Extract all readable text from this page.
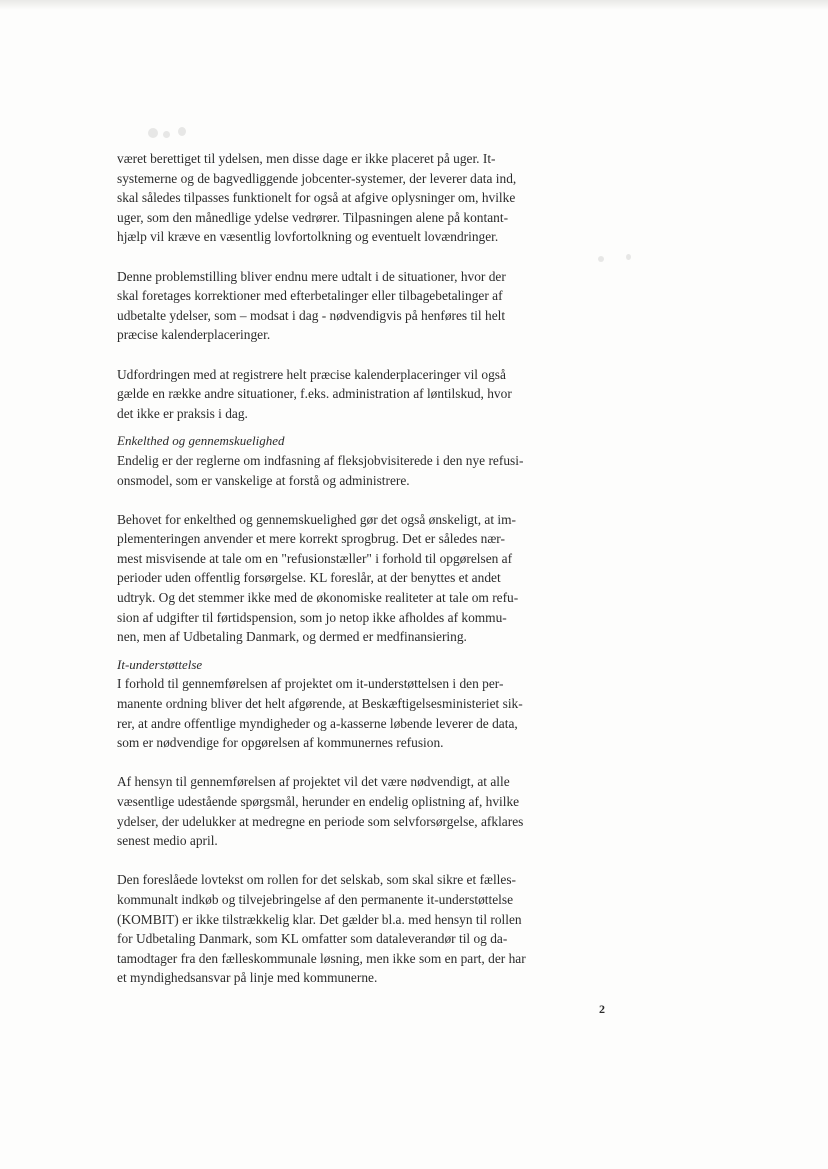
været berettiget til ydelsen, men disse dage er ikke placeret på uger. It-
systemerne og de bagvedliggende jobcenter-systemer, der leverer data ind,
skal således tilpasses funktionelt for også at afgive oplysninger om, hvilke
uger, som den månedlige ydelse vedrører. Tilpasningen alene på kontant-
hjælp vil kræve en væsentlig lovfortolkning og eventuelt lovændringer.

Denne problemstilling bliver endnu mere udtalt i de situationer, hvor der
skal foretages korrektioner med efterbetalinger eller tilbagebetalinger af
udbetalte ydelser, som – modsat i dag - nødvendigvis på henføres til helt
præcise kalenderplaceringer.

Udfordringen med at registrere helt præcise kalenderplaceringer vil også
gælde en række andre situationer, f.eks. administration af løntilskud, hvor
det ikke er praksis i dag.

Enkelthed og gennemskuelighed
Endelig er der reglerne om indfasning af fleksjobvisiterede i den nye refusi-
onsmodel, som er vanskelige at forstå og administrere.

Behovet for enkelthed og gennemskuelighed gør det også ønskeligt, at im-
plementeringen anvender et mere korrekt sprogbrug. Det er således nær-
mest misvisende at tale om en "refusionstæller" i forhold til opgørelsen af
perioder uden offentlig forsørgelse. KL foreslår, at der benyttes et andet
udtryk. Og det stemmer ikke med de økonomiske realiteter at tale om refu-
sion af udgifter til førtidspension, som jo netop ikke afholdes af kommu-
nen, men af Udbetaling Danmark, og dermed er medfinansiering.

It-understøttelse
I forhold til gennemførelsen af projektet om it-understøttelsen i den per-
manente ordning bliver det helt afgørende, at Beskæftigelsesministeriet sik-
rer, at andre offentlige myndigheder og a-kasserne løbende leverer de data,
som er nødvendige for opgørelsen af kommunernes refusion.

Af hensyn til gennemførelsen af projektet vil det være nødvendigt, at alle
væsentlige udestående spørgsmål, herunder en endelig oplistning af, hvilke
ydelser, der udelukker at medregne en periode som selvforsørgelse, afklares
senest medio april.

Den foreslåede lovtekst om rollen for det selskab, som skal sikre et fælles-
kommunalt indkøb og tilvejebringelse af den permanente it-understøttelse
(KOMBIT) er ikke tilstrækkelig klar. Det gælder bl.a. med hensyn til rollen
for Udbetaling Danmark, som KL omfatter som dataleverandør til og da-
tamodtager fra den fælleskommunale løsning, men ikke som en part, der har
et myndighedsansvar på linje med kommunerne.

2
